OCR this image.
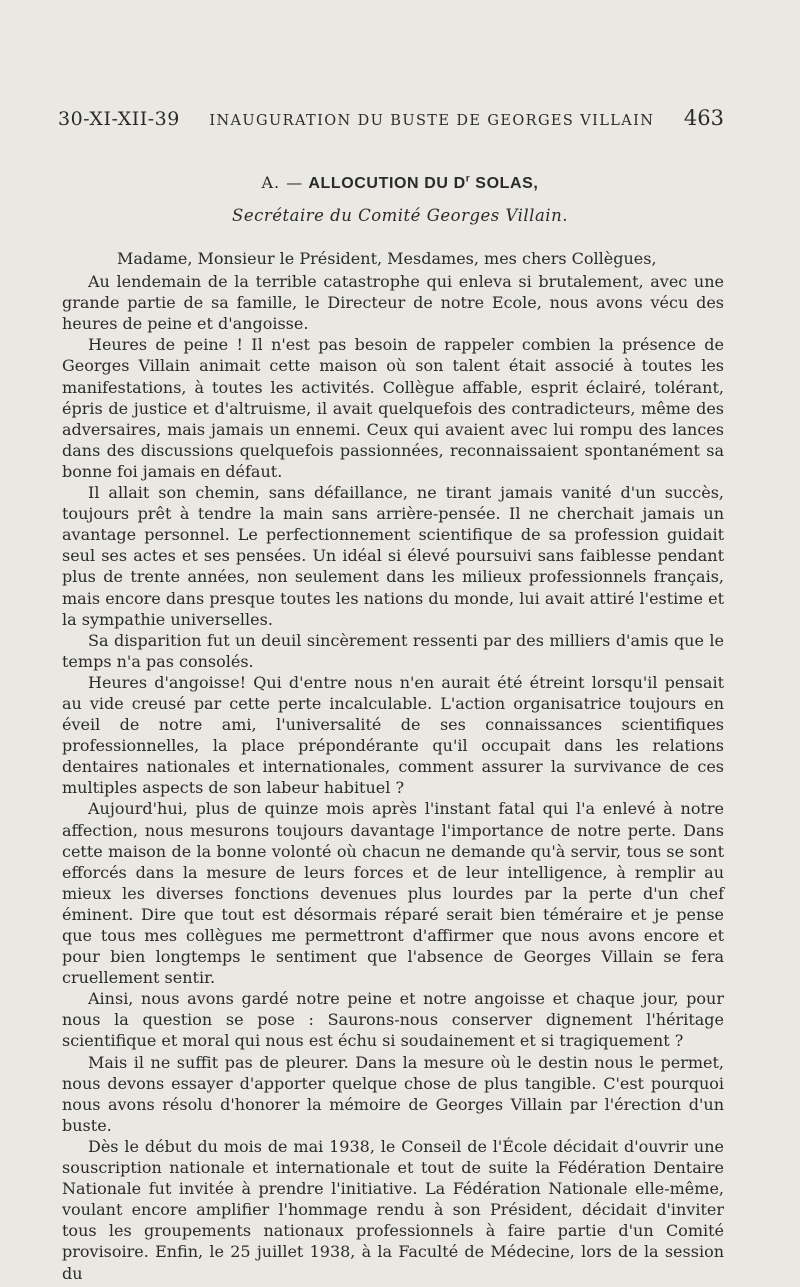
30-XI-XII-39 INAUGURATION DU BUSTE DE GEORGES VILLAIN 463
A. — ALLOCUTION DU $D^r$ SOLAS,
Secrétaire du Comité Georges Villain.

Madame, Monsieur le Président, Mesdames, mes chers Collègues,

Au lendemain de la terrible catastrophe qui enleva si brutalement, avec une grande partie de sa famille, le Directeur de notre Ecole, nous avons vécu des heures de peine et d'angoisse.

Heures de peine ! Il n'est pas besoin de rappeler combien la présence de Georges Villain animait cette maison où son talent était associé à toutes les manifestations, à toutes les activités. Collègue affable, esprit éclairé, tolérant, épris de justice et d'altruisme, il avait quelquefois des contradicteurs, même des adversaires, mais jamais un ennemi. Ceux qui avaient avec lui rompu des lances dans des discussions quelquefois passionnées, reconnaissaient spontanément sa bonne foi jamais en défaut.

Il allait son chemin, sans défaillance, ne tirant jamais vanité d'un succès, toujours prêt à tendre la main sans arrière-pensée. Il ne cherchait jamais un avantage personnel. Le perfectionnement scientifique de sa profession guidait seul ses actes et ses pensées. Un idéal si élevé poursuivi sans faiblesse pendant plus de trente années, non seulement dans les milieux professionnels français, mais encore dans presque toutes les nations du monde, lui avait attiré l'estime et la sympathie universelles.

Sa disparition fut un deuil sincèrement ressenti par des milliers d'amis que le temps n'a pas consolés.

Heures d'angoisse! Qui d'entre nous n'en aurait été étreint lorsqu'il pensait au vide creusé par cette perte incalculable. L'action organisatrice toujours en éveil de notre ami, l'universalité de ses connaissances scientifiques professionnelles, la place prépondérante qu'il occupait dans les relations dentaires nationales et internationales, comment assurer la survivance de ces multiples aspects de son labeur habituel ?

Aujourd'hui, plus de quinze mois après l'instant fatal qui l'a enlevé à notre affection, nous mesurons toujours davantage l'importance de notre perte. Dans cette maison de la bonne volonté où chacun ne demande qu'à servir, tous se sont efforcés dans la mesure de leurs forces et de leur intelligence, à remplir au mieux les diverses fonctions devenues plus lourdes par la perte d'un chef éminent. Dire que tout est désormais réparé serait bien téméraire et je pense que tous mes collègues me permettront d'affirmer que nous avons encore et pour bien longtemps le sentiment que l'absence de Georges Villain se fera cruellement sentir.

Ainsi, nous avons gardé notre peine et notre angoisse et chaque jour, pour nous la question se pose : Saurons-nous conserver dignement l'héritage scientifique et moral qui nous est échu si soudainement et si tragiquement ?

Mais il ne suffit pas de pleurer. Dans la mesure où le destin nous le permet, nous devons essayer d'apporter quelque chose de plus tangible. C'est pourquoi nous avons résolu d'honorer la mémoire de Georges Villain par l'érection d'un buste.

Dès le début du mois de mai 1938, le Conseil de l'École décidait d'ouvrir une souscription nationale et internationale et tout de suite la Fédération Dentaire Nationale fut invitée à prendre l'initiative. La Fédération Nationale elle-même, voulant encore amplifier l'hommage rendu à son Président, décidait d'inviter tous les groupements nationaux professionnels à faire partie d'un Comité provisoire. Enfin, le 25 juillet 1938, à la Faculté de Médecine, lors de la session du
